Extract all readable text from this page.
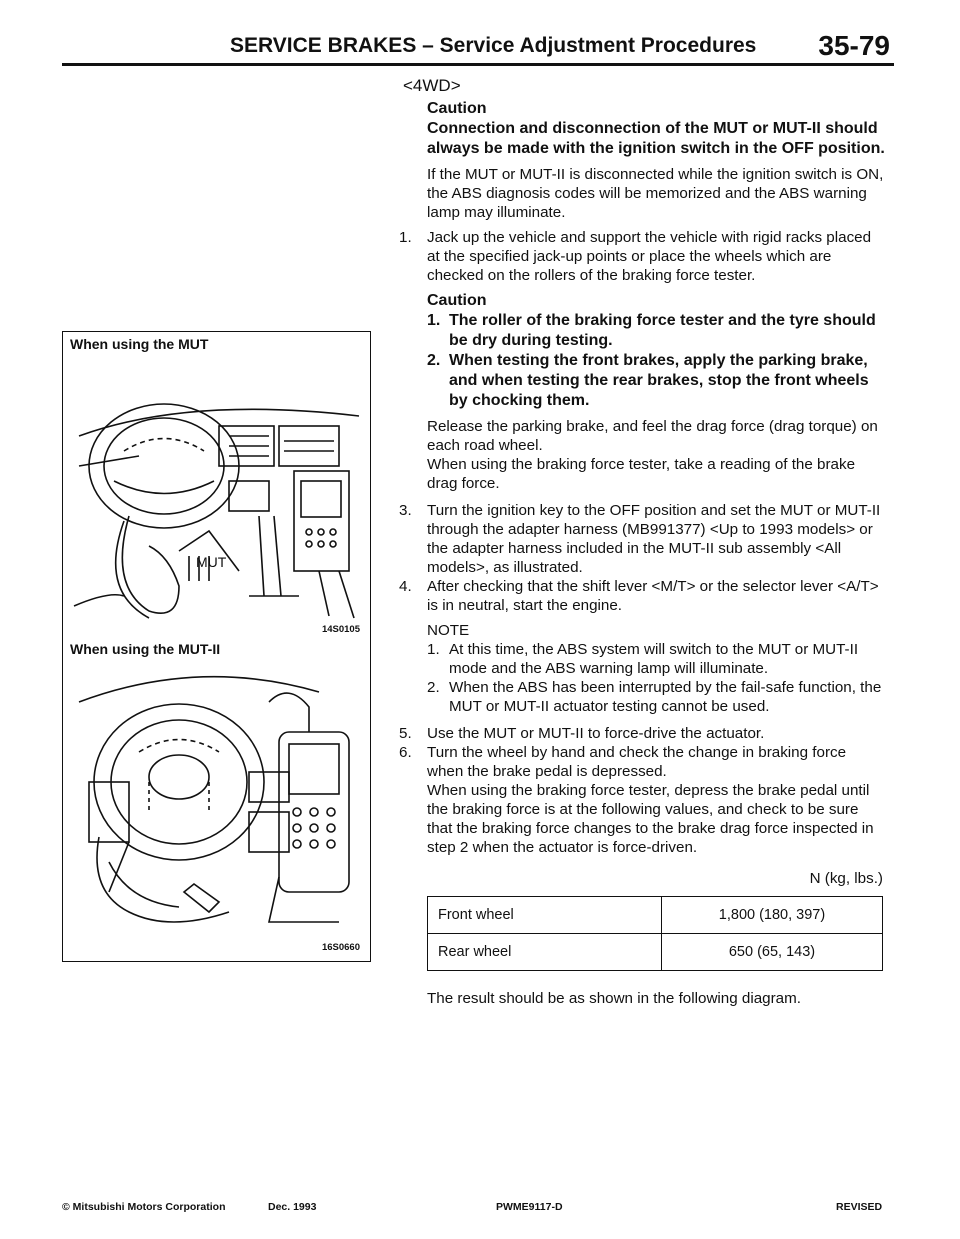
SERVICE BRAKES – Service Adjustment Procedures 35-79
When using the MUT
MUT
14S0105
When using the MUT-II
16S0660
<4WD>
Caution
Connection and disconnection of the MUT or MUT-II should always be made with the ignition switch in the OFF position.
If the MUT or MUT-II is disconnected while the ignition switch is ON, the ABS diagnosis codes will be memorized and the ABS warning lamp may illuminate.
1. Jack up the vehicle and support the vehicle with rigid racks placed at the specified jack-up points or place the wheels which are checked on the rollers of the braking force tester.
Caution
1. The roller of the braking force tester and the tyre should be dry during testing.
2. When testing the front brakes, apply the parking brake, and when testing the rear brakes, stop the front wheels by chocking them.
Release the parking brake, and feel the drag force (drag torque) on each road wheel.
When using the braking force tester, take a reading of the brake drag force.
3. Turn the ignition key to the OFF position and set the MUT or MUT-II through the adapter harness (MB991377) <Up to 1993 models> or the adapter harness included in the MUT-II sub assembly <All models>, as illustrated.
4. After checking that the shift lever <M/T> or the selector lever <A/T> is in neutral, start the engine.
NOTE
1. At this time, the ABS system will switch to the MUT or MUT-II mode and the ABS warning lamp will illuminate.
2. When the ABS has been interrupted by the fail-safe function, the MUT or MUT-II actuator testing cannot be used.
5. Use the MUT or MUT-II to force-drive the actuator.
6. Turn the wheel by hand and check the change in braking force when the brake pedal is depressed.
When using the braking force tester, depress the brake pedal until the braking force is at the following values, and check to be sure that the braking force changes to the brake drag force inspected in step 2 when the actuator is force-driven.
N (kg, lbs.)
Front wheel	1,800 (180, 397)
Rear wheel	650 (65, 143)
The result should be as shown in the following diagram.
© Mitsubishi Motors Corporation	Dec. 1993	PWME9117-D	REVISED
